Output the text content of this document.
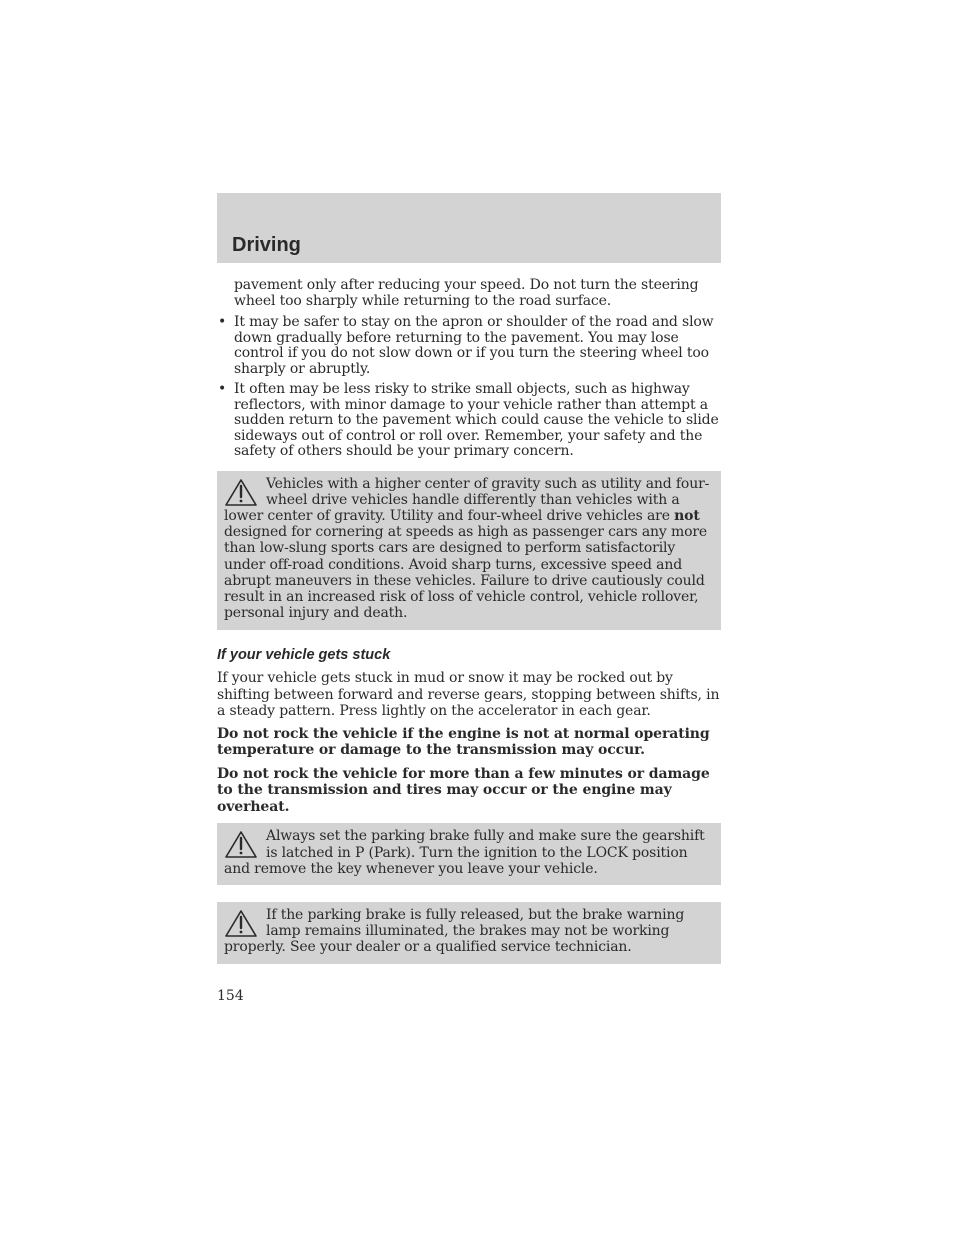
Driving

pavement only after reducing your speed. Do not turn the steering wheel too sharply while returning to the road surface.

• It may be safer to stay on the apron or shoulder of the road and slow down gradually before returning to the pavement. You may lose control if you do not slow down or if you turn the steering wheel too sharply or abruptly.
• It often may be less risky to strike small objects, such as highway reflectors, with minor damage to your vehicle rather than attempt a sudden return to the pavement which could cause the vehicle to slide sideways out of control or roll over. Remember, your safety and the safety of others should be your primary concern.
Vehicles with a higher center of gravity such as utility and four-wheel drive vehicles handle differently than vehicles with a lower center of gravity. Utility and four-wheel drive vehicles are not designed for cornering at speeds as high as passenger cars any more than low-slung sports cars are designed to perform satisfactorily under off-road conditions. Avoid sharp turns, excessive speed and abrupt maneuvers in these vehicles. Failure to drive cautiously could result in an increased risk of loss of vehicle control, vehicle rollover, personal injury and death.

If your vehicle gets stuck

If your vehicle gets stuck in mud or snow it may be rocked out by shifting between forward and reverse gears, stopping between shifts, in a steady pattern. Press lightly on the accelerator in each gear.

Do not rock the vehicle if the engine is not at normal operating temperature or damage to the transmission may occur.

Do not rock the vehicle for more than a few minutes or damage to the transmission and tires may occur or the engine may overheat.

Always set the parking brake fully and make sure the gearshift is latched in P (Park). Turn the ignition to the LOCK position and remove the key whenever you leave your vehicle.
If the parking brake is fully released, but the brake warning lamp remains illuminated, the brakes may not be working properly. See your dealer or a qualified service technician.

154
